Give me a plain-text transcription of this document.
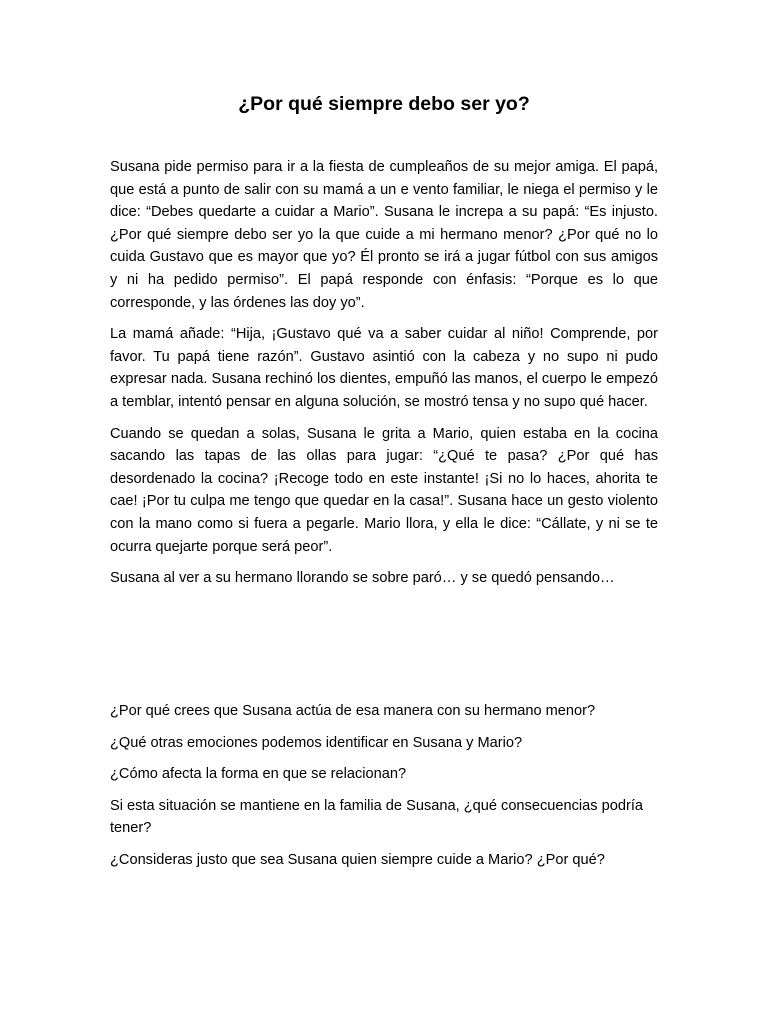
¿Por qué siempre debo ser yo?

Susana pide permiso para ir a la fiesta de cumpleaños de su mejor amiga. El papá, que está a punto de salir con su mamá a un e vento familiar, le niega el permiso y le dice: “Debes quedarte a cuidar a Mario”. Susana le increpa a su papá: “Es injusto. ¿Por qué siempre debo ser yo la que cuide a mi hermano menor? ¿Por qué no lo cuida Gustavo que es mayor que yo? Él pronto se irá a jugar fútbol con sus amigos y ni ha pedido permiso”. El papá responde con énfasis: “Porque es lo que corresponde, y las órdenes las doy yo”.

La mamá añade: “Hija, ¡Gustavo qué va a saber cuidar al niño! Comprende, por favor. Tu papá tiene razón”. Gustavo asintió con la cabeza y no supo ni pudo expresar nada. Susana rechinó los dientes, empuñó las manos, el cuerpo le empezó a temblar, intentó pensar en alguna solución, se mostró tensa y no supo qué hacer.

Cuando se quedan a solas, Susana le grita a Mario, quien estaba en la cocina sacando las tapas de las ollas para jugar: “¿Qué te pasa? ¿Por qué has desordenado la cocina? ¡Recoge todo en este instante! ¡Si no lo haces, ahorita te cae! ¡Por tu culpa me tengo que quedar en la casa!”. Susana hace un gesto violento con la mano como si fuera a pegarle. Mario llora, y ella le dice: “Cállate, y ni se te ocurra quejarte porque será peor”.

Susana al ver a su hermano llorando se sobre paró… y se quedó pensando…

¿Por qué crees que Susana actúa de esa manera con su hermano menor?

¿Qué otras emociones podemos identificar en Susana y Mario?

¿Cómo afecta la forma en que se relacionan?

Si esta situación se mantiene en la familia de Susana, ¿qué consecuencias podría tener?

¿Consideras justo que sea Susana quien siempre cuide a Mario? ¿Por qué?
